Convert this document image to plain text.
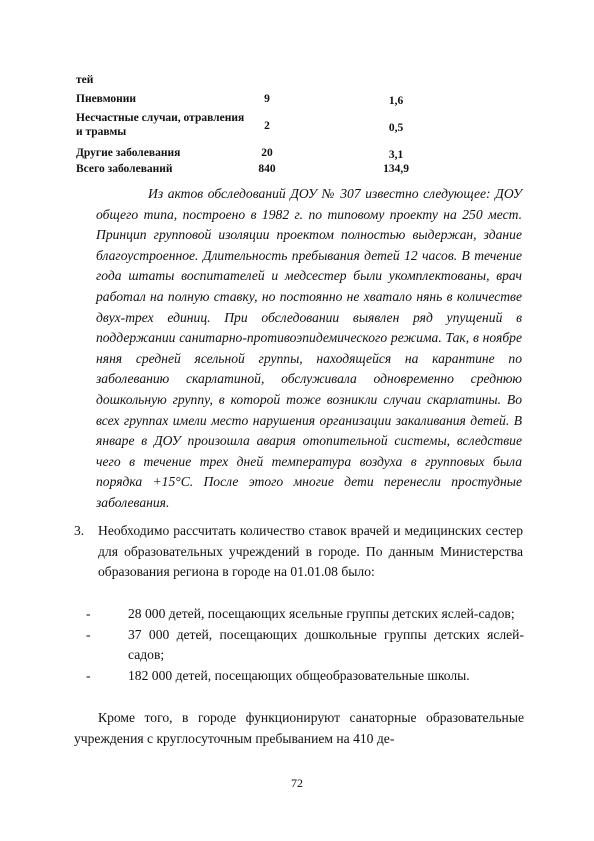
тей
Пневмонии	9	1,6
Несчастные случаи, отравления и травмы	2	0,5
Другие заболевания	20	3,1
Всего заболеваний	840	134,9

Из актов обследований ДОУ № 307 известно следующее: ДОУ общего типа, построено в 1982 г. по типовому проекту на 250 мест. Принцип групповой изоляции проектом полностью выдержан, здание благоустроенное. Длительность пребывания детей 12 часов. В течение года штаты воспитателей и медсестер были укомплектованы, врач работал на полную ставку, но постоянно не хватало нянь в количестве двух-трех единиц. При обследовании выявлен ряд упущений в поддержании санитарно-противоэпидемического режима. Так, в ноябре няня средней ясельной группы, находящейся на карантине по заболеванию скарлатиной, обслуживала одновременно среднюю дошкольную группу, в которой тоже возникли случаи скарлатины. Во всех группах имели место нарушения организации закаливания детей. В январе в ДОУ произошла авария отопительной системы, вследствие чего в течение трех дней температура воздуха в групповых была порядка +15°С. После этого многие дети перенесли простудные заболевания.

3. Необходимо рассчитать количество ставок врачей и медицинских сестер для образовательных учреждений в городе. По данным Министерства образования региона в городе на 01.01.08 было:

-	28 000 детей, посещающих ясельные группы детских яслей-садов;

-	37 000 детей, посещающих дошкольные группы детских яслей-садов;

-	182 000 детей, посещающих общеобразовательные школы.

Кроме того, в городе функционируют санаторные образовательные учреждения с круглосуточным пребыванием на 410 де-

72
